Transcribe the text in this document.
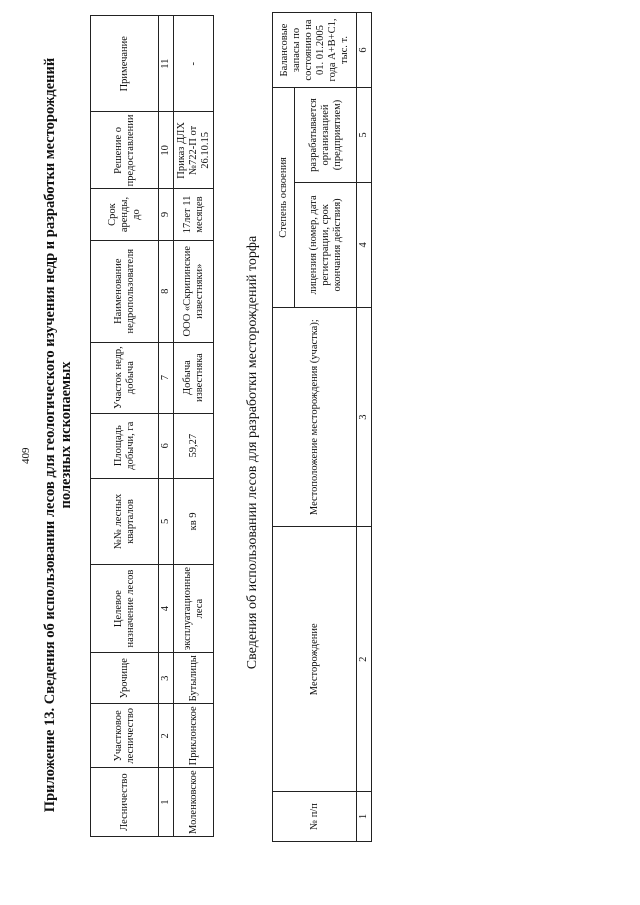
409 Приложение 13. Сведения об использовании лесов для геологического изучения недр и разработки месторождений полезных ископаемых
Лесничество	Участковое лесничество	Урочище	Целевое назначение лесов	№№ лесных кварталов	Площадь добычи, га	Участок недр, добыча	Наименование недропользователя	Срок аренды, до	Решение о предоставлении	Примечание
1	2	3	4	5	6	7	8	9	10	11
Моленковское	Приклонское	Бутылицы	эксплуатационные леса	кв 9	59,27	Добыча известняка	ООО «Скрипинские известняки»	17лет 11 месяцев	Приказ ДЛХ №722-П от 26.10.15	-
Сведения об использовании лесов для разработки месторождений торфа
№ п/п	Месторождение	Местоположение месторождения (участка);	Степень освоения		Балансовые запасы по состоянию на 01. 01.2005 года А+В+С1, тыс. т.
			лицензия (номер, дата регистрации, срок окончания действия)	разрабатывается организацией (предприятием)	
1	2	3	4	5	6
